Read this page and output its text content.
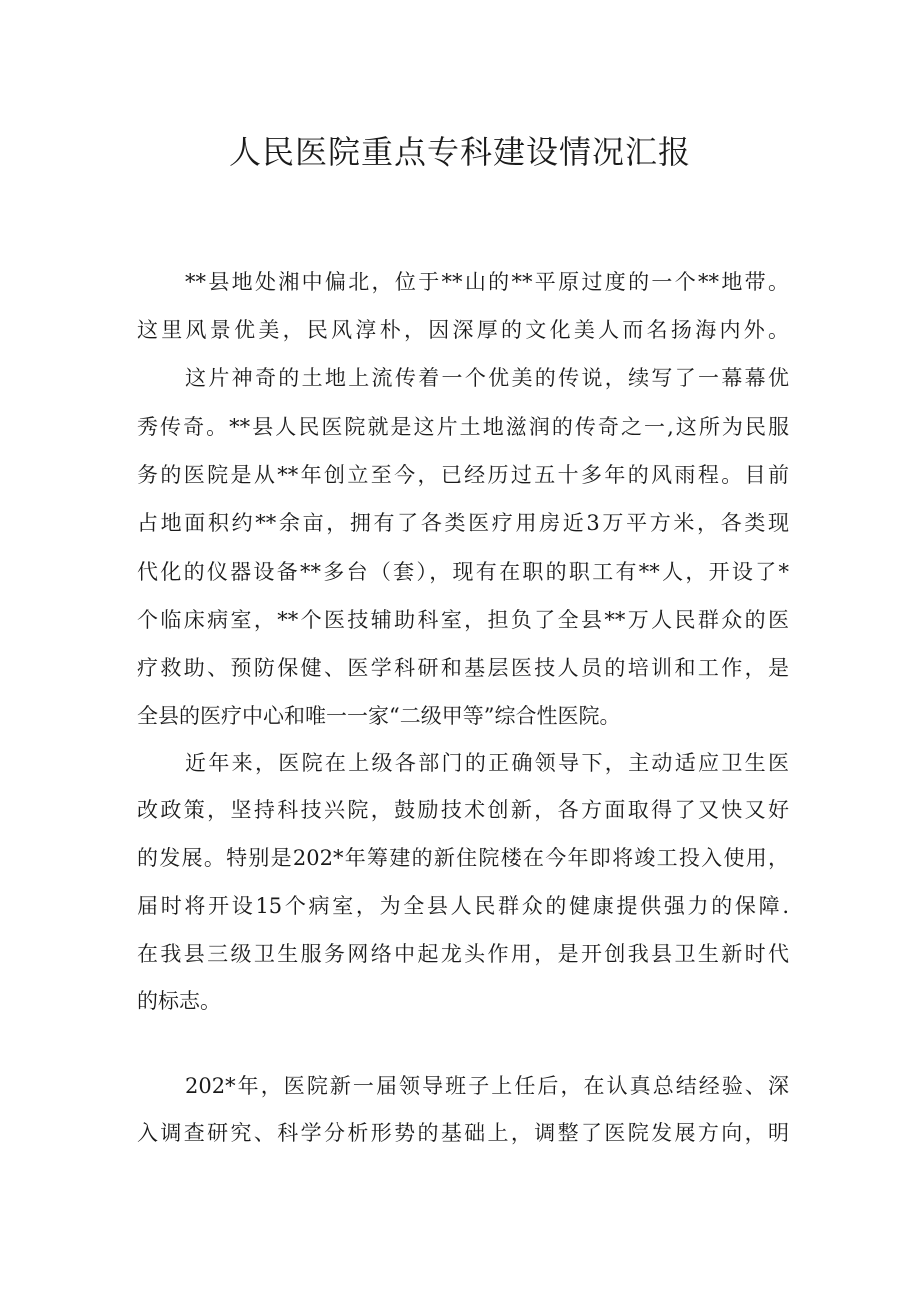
人民医院重点专科建设情况汇报

**县地处湘中偏北，位于**山的**平原过度的一个**地带。

这里风景优美，民风淳朴，因深厚的文化美人而名扬海内外。

这片神奇的土地上流传着一个优美的传说，续写了一幕幕优

秀传奇。**县人民医院就是这片土地滋润的传奇之一,这所为民服

务的医院是从**年创立至今，已经历过五十多年的风雨程。目前

占地面积约**余亩，拥有了各类医疗用房近3万平方米，各类现

代化的仪器设备**多台（套），现有在职的职工有**人，开设了*

个临床病室，**个医技辅助科室，担负了全县**万人民群众的医

疗救助、预防保健、医学科研和基层医技人员的培训和工作，是

全县的医疗中心和唯一一家“二级甲等”综合性医院。

近年来，医院在上级各部门的正确领导下，主动适应卫生医

改政策，坚持科技兴院，鼓励技术创新，各方面取得了又快又好

的发展。特别是202*年筹建的新住院楼在今年即将竣工投入使用，

届时将开设15个病室，为全县人民群众的健康提供强力的保障.

在我县三级卫生服务网络中起龙头作用，是开创我县卫生新时代

的标志。

202*年，医院新一届领导班子上任后，在认真总结经验、深

入调查研究、科学分析形势的基础上，调整了医院发展方向，明
